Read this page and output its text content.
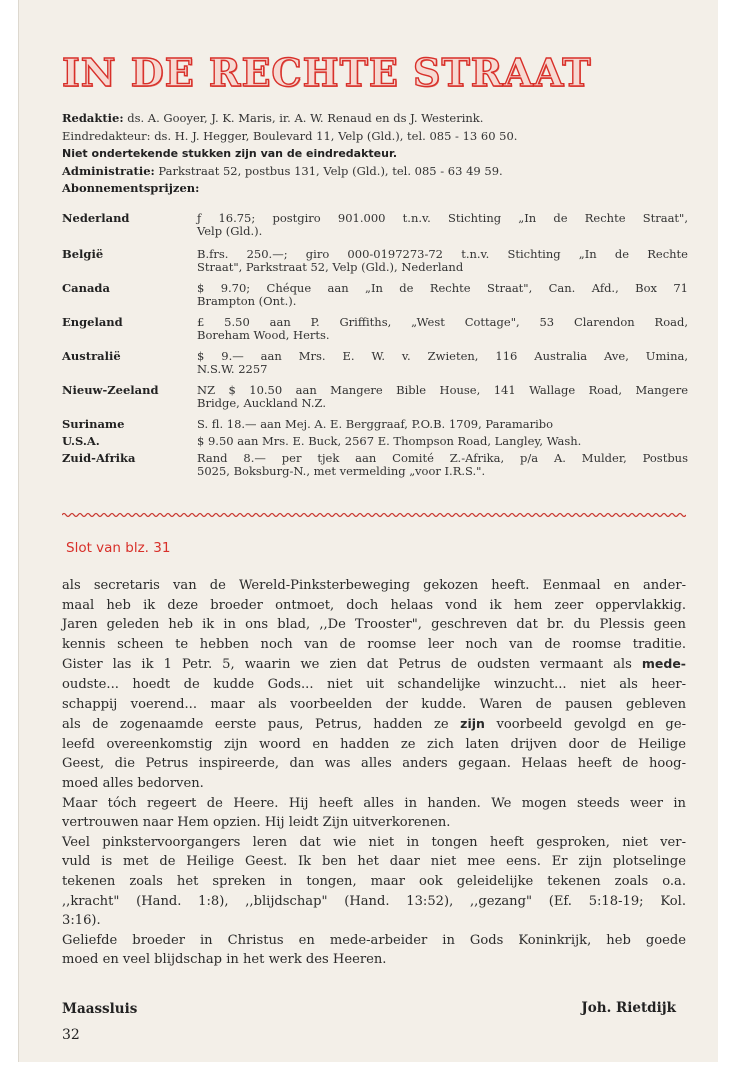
IN DE RECHTE STRAAT

Redaktie: ds. A. Gooyer, J. K. Maris, ir. A. W. Renaud en ds J. Westerink.

Eindredakteur: ds. H. J. Hegger, Boulevard 11, Velp (Gld.), tel. 085 - 13 60 50.

Niet ondertekende stukken zijn van de eindredakteur.

Administratie: Parkstraat 52, postbus 131, Velp (Gld.), tel. 085 - 63 49 59.

Abonnementsprijzen:

Nederland	ƒ 16.75; postgiro 901.000 t.n.v. Stichting „In de Rechte Straat",
Velp (Gld.).
België	B.frs. 250.—; giro 000-0197273-72 t.n.v. Stichting „In de Rechte
Straat", Parkstraat 52, Velp (Gld.), Nederland
Canada	$ 9.70; Chéque aan „In de Rechte Straat", Can. Afd., Box 71
Brampton (Ont.).
Engeland	£ 5.50 aan P. Griffiths, „West Cottage", 53 Clarendon Road,
Boreham Wood, Herts.
Australië	$ 9.— aan Mrs. E. W. v. Zwieten, 116 Australia Ave, Umina,
N.S.W. 2257
Nieuw-Zeeland	NZ $ 10.50 aan Mangere Bible House, 141 Wallage Road, Mangere
Bridge, Auckland N.Z.
Suriname	S. fl. 18.— aan Mej. A. E. Berggraaf, P.O.B. 1709, Paramaribo
U.S.A.	$ 9.50 aan Mrs. E. Buck, 2567 E. Thompson Road, Langley, Wash.
Zuid-Afrika	Rand 8.— per tjek aan Comité Z.-Afrika, p/a A. Mulder, Postbus
5025, Boksburg-N., met vermelding „voor I.R.S.".
Slot van blz. 31
als secretaris van de Wereld-Pinksterbeweging gekozen heeft. Eenmaal en ander-
maal heb ik deze broeder ontmoet, doch helaas vond ik hem zeer oppervlakkig.
Jaren geleden heb ik in ons blad, ,,De Trooster", geschreven dat br. du Plessis geen
kennis scheen te hebben noch van de roomse leer noch van de roomse traditie.
Gister las ik 1 Petr. 5, waarin we zien dat Petrus de oudsten vermaant als mede-
oudste... hoedt de kudde Gods... niet uit schandelijke winzucht... niet als heer-
schappij voerend... maar als voorbeelden der kudde. Waren de pausen gebleven
als de zogenaamde eerste paus, Petrus, hadden ze zijn voorbeeld gevolgd en ge-
leefd overeenkomstig zijn woord en hadden ze zich laten drijven door de Heilige
Geest, die Petrus inspireerde, dan was alles anders gegaan. Helaas heeft de hoog-
moed alles bedorven.
Maar tóch regeert de Heere. Hij heeft alles in handen. We mogen steeds weer in
vertrouwen naar Hem opzien. Hij leidt Zijn uitverkorenen.
Veel pinkstervoorgangers leren dat wie niet in tongen heeft gesproken, niet ver-
vuld is met de Heilige Geest. Ik ben het daar niet mee eens. Er zijn plotselinge
tekenen zoals het spreken in tongen, maar ook geleidelijke tekenen zoals o.a.
,,kracht" (Hand. 1:8), ,,blijdschap" (Hand. 13:52), ,,gezang" (Ef. 5:18-19; Kol.
3:16).
Geliefde broeder in Christus en mede-arbeider in Gods Koninkrijk, heb goede
moed en veel blijdschap in het werk des Heeren.
Maassluis	Joh. Rietdijk
32
